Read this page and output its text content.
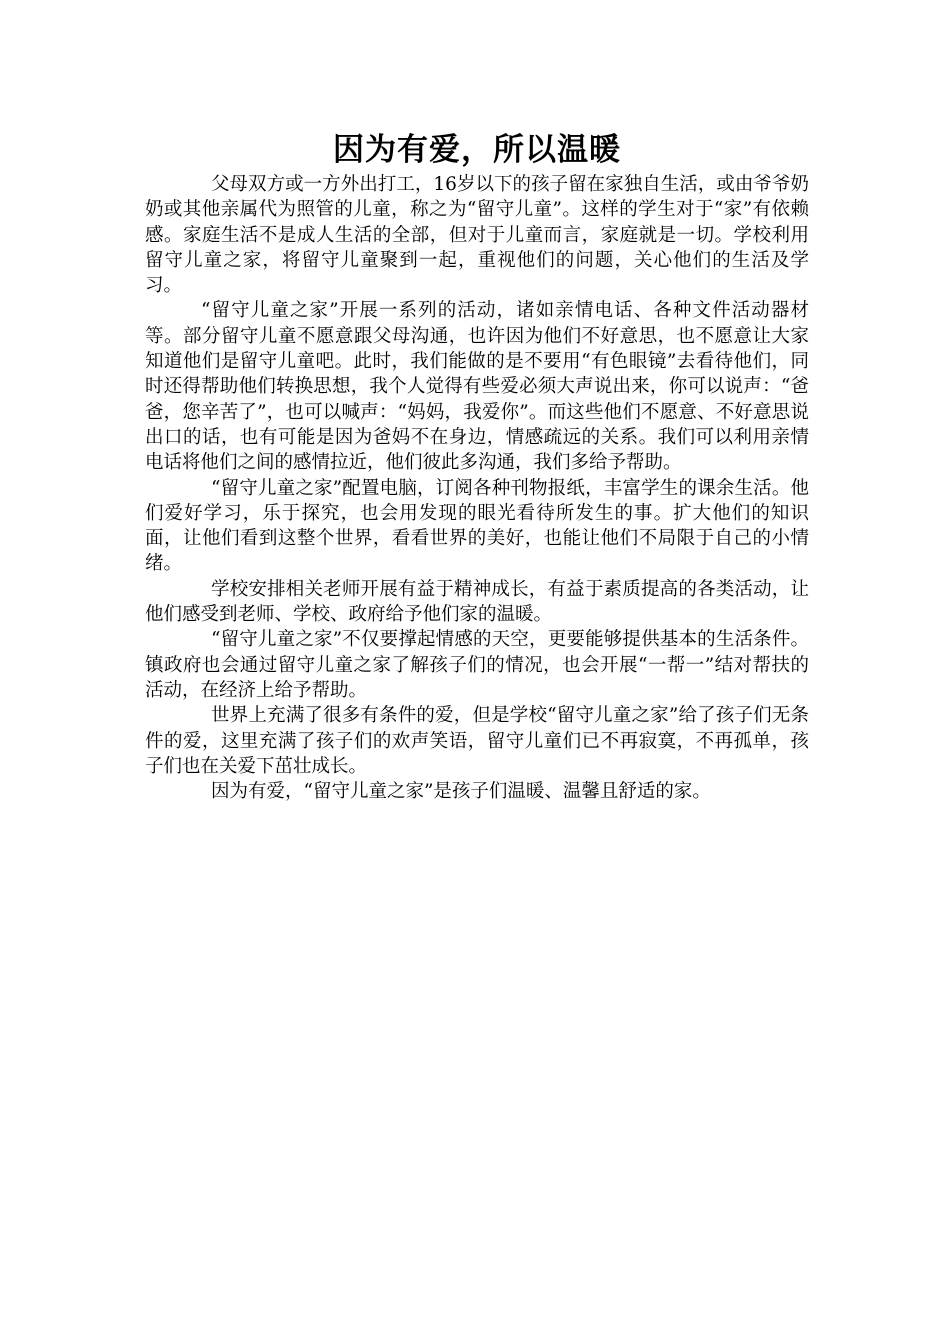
因为有爱，所以温暖

父母双方或一方外出打工，16岁以下的孩子留在家独自生活，或由爷爷奶奶或其他亲属代为照管的儿童，称之为“留守儿童”。这样的学生对于“家”有依赖感。家庭生活不是成人生活的全部，但对于儿童而言，家庭就是一切。学校利用留守儿童之家，将留守儿童聚到一起，重视他们的问题，关心他们的生活及学习。

“留守儿童之家”开展一系列的活动，诸如亲情电话、各种文件活动器材等。部分留守儿童不愿意跟父母沟通，也许因为他们不好意思，也不愿意让大家知道他们是留守儿童吧。此时，我们能做的是不要用“有色眼镜”去看待他们，同时还得帮助他们转换思想，我个人觉得有些爱必须大声说出来，你可以说声：“爸爸，您辛苦了”，也可以喊声：“妈妈，我爱你”。而这些他们不愿意、不好意思说出口的话，也有可能是因为爸妈不在身边，情感疏远的关系。我们可以利用亲情电话将他们之间的感情拉近，他们彼此多沟通，我们多给予帮助。

“留守儿童之家”配置电脑，订阅各种刊物报纸，丰富学生的课余生活。他们爱好学习，乐于探究，也会用发现的眼光看待所发生的事。扩大他们的知识面，让他们看到这整个世界，看看世界的美好，也能让他们不局限于自己的小情绪。

学校安排相关老师开展有益于精神成长，有益于素质提高的各类活动，让他们感受到老师、学校、政府给予他们家的温暖。

“留守儿童之家”不仅要撑起情感的天空，更要能够提供基本的生活条件。镇政府也会通过留守儿童之家了解孩子们的情况，也会开展“一帮一”结对帮扶的活动，在经济上给予帮助。

世界上充满了很多有条件的爱，但是学校“留守儿童之家”给了孩子们无条件的爱，这里充满了孩子们的欢声笑语，留守儿童们已不再寂寞，不再孤单，孩子们也在关爱下茁壮成长。

因为有爱，“留守儿童之家”是孩子们温暖、温馨且舒适的家。
